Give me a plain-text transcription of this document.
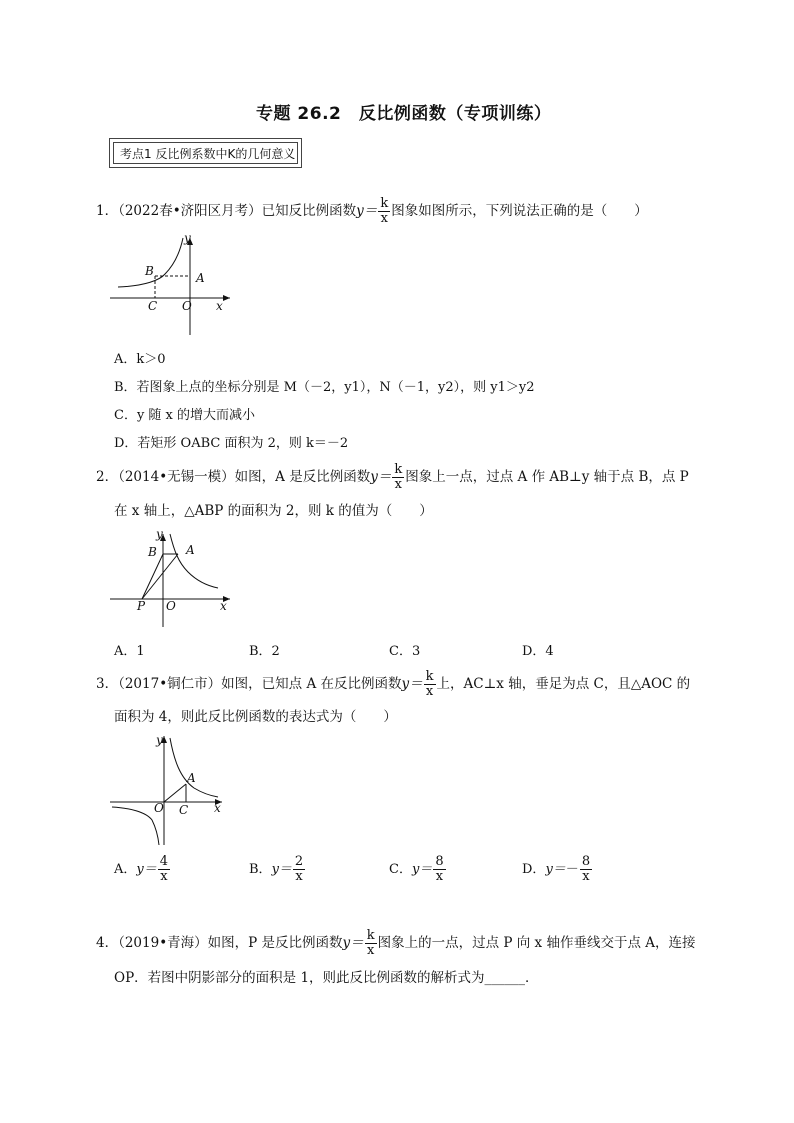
专题 26.2　反比例函数（专项训练）
考点1 反比例系数中K的几何意义
1．（2022春•济阳区月考）已知反比例函数$y= \frac{k}{x}$ 图象如图所示，下列说法正确的是（　　）
y
x
O
A
B
C
A．k＞0
B．若图象上点的坐标分别是 M（－2，y1），N（－1，y2），则 y1＞y2
C．y 随 x 的增大而减小
D．若矩形 OABC 面积为 2，则 k＝－2
2．（2014•无锡一模）如图，A 是反比例函数$y= \frac{k}{x}$ 图象上一点，过点 A 作 AB⊥y 轴于点 B，点 P
在 x 轴上，△ABP 的面积为 2，则 k 的值为（　　）
y
x
O
A
B
P
A．1	B．2	C．3	D．4
3．（2017•铜仁市）如图，已知点 A 在反比例函数$y= \frac{k}{x}$ 上，AC⊥x 轴，垂足为点 C，且△AOC 的
面积为 4，则此反比例函数的表达式为（　　）
y
x
O
A
C
A．$y= \frac{4}{x}$	B．$y= \frac{2}{x}$	C．$y= \frac{8}{x}$	D．$y=- \frac{8}{x}$
4．（2019•青海）如图，P 是反比例函数$y= \frac{k}{x}$ 图象上的一点，过点 P 向 x 轴作垂线交于点 A，连接
OP．若图中阴影部分的面积是 1，则此反比例函数的解析式为______．
